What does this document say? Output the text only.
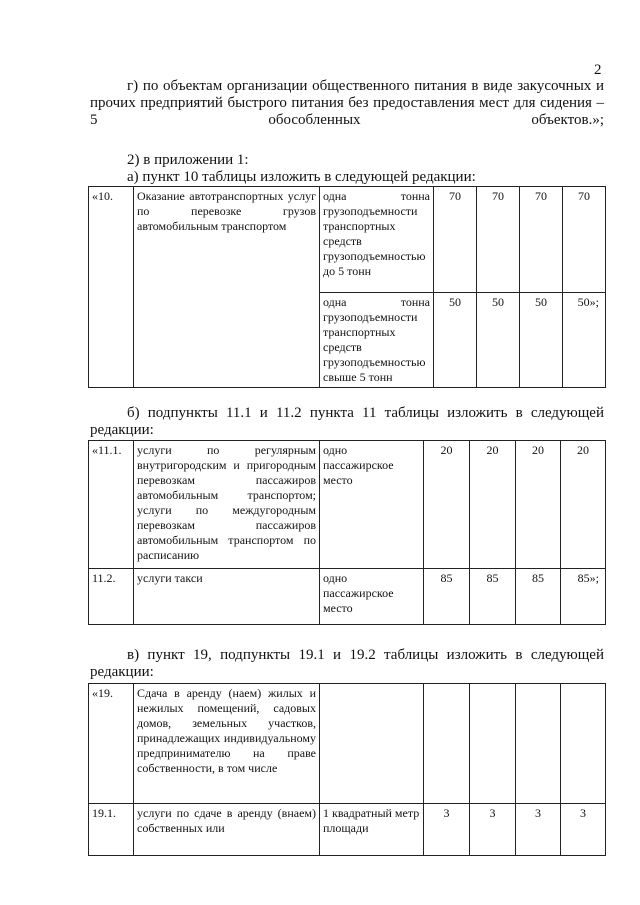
2
г) по объектам организации общественного питания в виде закусочных и прочих предприятий быстрого питания без предоставления мест для сидения – 5 обособленных объектов.»;
2) в приложении 1:
а) пункт 10 таблицы изложить в следующей редакции:
«10.	Оказание автотранспортных услуг по перевозке грузов автомобильным транспортом	одна тонна грузоподъемности транспортных средств грузоподъемностью до 5 тонн	70	70	70	70
		одна тонна грузоподъемности транспортных средств грузоподъемностью свыше 5 тонн	50	50	50	50»;
б) подпункты 11.1 и 11.2 пункта 11 таблицы изложить в следующей редакции:
«11.1.	услуги по регулярным внутригородским и пригородным перевозкам пассажиров автомобильным транспортом; услуги по междугородным перевозкам пассажиров автомобильным транспортом по расписанию	одно пассажирское место	20	20	20	20
11.2.	услуги такси	одно пассажирское место	85	85	85	85»;
в) пункт 19, подпункты 19.1 и 19.2 таблицы изложить в следующей редакции:
«19.	Сдача в аренду (наем) жилых и нежилых помещений, садовых домов, земельных участков, принадлежащих индивидуальному предпринимателю на праве собственности, в том числе					
19.1.	услуги по сдаче в аренду (внаем) собственных или	1 квадратный метр площади	3	3	3	3
